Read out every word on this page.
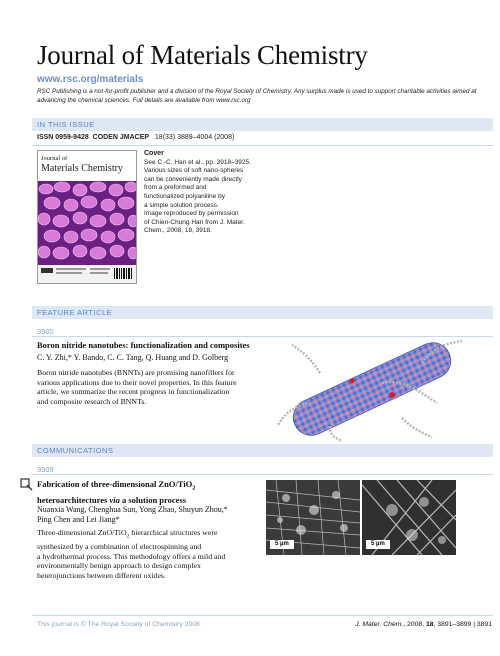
Journal of Materials Chemistry
www.rsc.org/materials
RSC Publishing is a not-for-profit publisher and a division of the Royal Society of Chemistry. Any surplus made is used to support charitable activities aimed at advancing the chemical sciences. Full details are available from www.rsc.org
IN THIS ISSUE
ISSN 0959-9428 CODEN JMACEP 18(33) 3889–4004 (2008)
Journal of
Materials Chemistry
Cover
See C.-C. Han et al., pp. 3918–3925.
Various sizes of soft nano-spheres
can be conveniently made directly
from a preformed and
functionalized polyaniline by
a simple solution process.
Image reproduced by permission
of Chien-Chung Han from J. Mater.
Chem., 2008, 18, 3918.
FEATURE ARTICLE
3900
Boron nitride nanotubes: functionalization and composites
C. Y. Zhi,* Y. Bando, C. C. Tang, Q. Huang and D. Golberg
Boron nitride nanotubes (BNNTs) are promising nanofillers for
various applications due to their novel properties. In this feature
article, we summarize the recent progress in functionalization
and composite research of BNNTs.
COMMUNICATIONS
3909
Fabrication of three-dimensional ZnO/TiO$_2$
heteroarchitectures via a solution process
Nuanxia Wang, Chenghua Sun, Yong Zhao, Shuyun Zhou,*
Ping Chen and Lei Jiang*
Three-dimensional ZnO/TiO$_2$ hierarchical structures were
synthesized by a combination of electrospinning and
a hydrothermal process. This methodology offers a mild and
environmentally benign approach to design complex
heterojunctions between different oxides.
5 µm	5 µm
This journal is © The Royal Society of Chemistry 2008	J. Mater. Chem., 2008, 18, 3891–3899 | 3891
